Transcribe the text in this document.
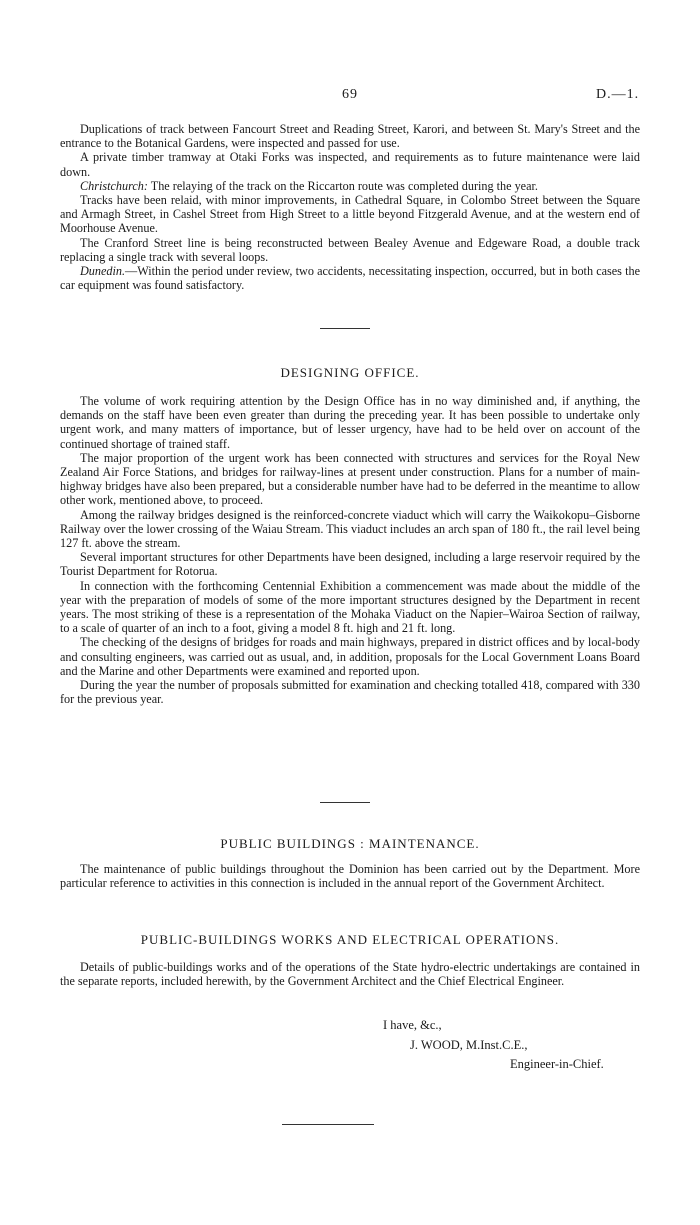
69	D.—1.

Duplications of track between Fancourt Street and Reading Street, Karori, and between St. Mary's Street and the entrance to the Botanical Gardens, were inspected and passed for use.

A private timber tramway at Otaki Forks was inspected, and requirements as to future maintenance were laid down.

Christchurch: The relaying of the track on the Riccarton route was completed during the year.

Tracks have been relaid, with minor improvements, in Cathedral Square, in Colombo Street between the Square and Armagh Street, in Cashel Street from High Street to a little beyond Fitzgerald Avenue, and at the western end of Moorhouse Avenue.

The Cranford Street line is being reconstructed between Bealey Avenue and Edgeware Road, a double track replacing a single track with several loops.

Dunedin.—Within the period under review, two accidents, necessitating inspection, occurred, but in both cases the car equipment was found satisfactory.

DESIGNING OFFICE.

The volume of work requiring attention by the Design Office has in no way diminished and, if anything, the demands on the staff have been even greater than during the preceding year. It has been possible to undertake only urgent work, and many matters of importance, but of lesser urgency, have had to be held over on account of the continued shortage of trained staff.

The major proportion of the urgent work has been connected with structures and services for the Royal New Zealand Air Force Stations, and bridges for railway-lines at present under construction. Plans for a number of main-highway bridges have also been prepared, but a considerable number have had to be deferred in the meantime to allow other work, mentioned above, to proceed.

Among the railway bridges designed is the reinforced-concrete viaduct which will carry the Waikokopu–Gisborne Railway over the lower crossing of the Waiau Stream. This viaduct includes an arch span of 180 ft., the rail level being 127 ft. above the stream.

Several important structures for other Departments have been designed, including a large reservoir required by the Tourist Department for Rotorua.

In connection with the forthcoming Centennial Exhibition a commencement was made about the middle of the year with the preparation of models of some of the more important structures designed by the Department in recent years. The most striking of these is a representation of the Mohaka Viaduct on the Napier–Wairoa Section of railway, to a scale of quarter of an inch to a foot, giving a model 8 ft. high and 21 ft. long.

The checking of the designs of bridges for roads and main highways, prepared in district offices and by local-body and consulting engineers, was carried out as usual, and, in addition, proposals for the Local Government Loans Board and the Marine and other Departments were examined and reported upon.

During the year the number of proposals submitted for examination and checking totalled 418, compared with 330 for the previous year.

PUBLIC BUILDINGS : MAINTENANCE.

The maintenance of public buildings throughout the Dominion has been carried out by the Department. More particular reference to activities in this connection is included in the annual report of the Government Architect.

PUBLIC-BUILDINGS WORKS AND ELECTRICAL OPERATIONS.

Details of public-buildings works and of the operations of the State hydro-electric undertakings are contained in the separate reports, included herewith, by the Government Architect and the Chief Electrical Engineer.

I have, &c.,
J. WOOD, M.Inst.C.E.,
Engineer-in-Chief.
